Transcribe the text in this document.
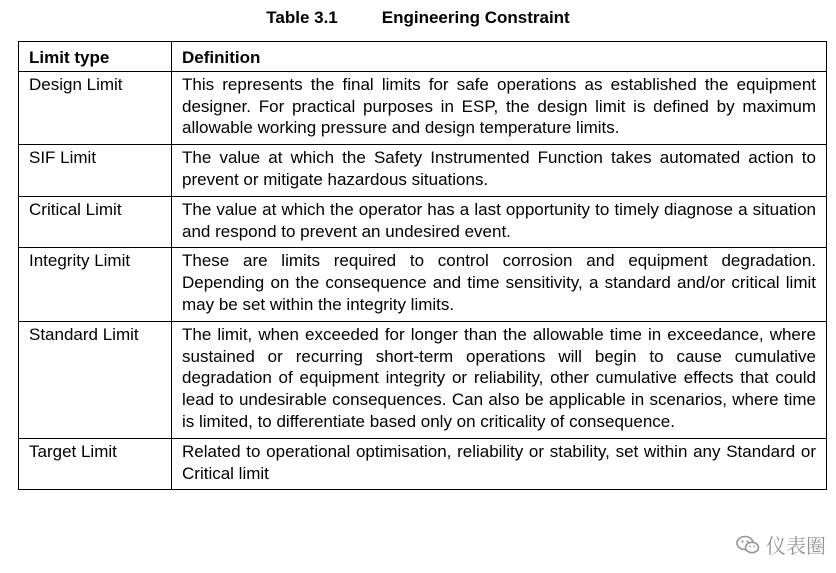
Table 3.1	Engineering Constraint
Limit type	Definition
Design Limit	This represents the final limits for safe operations as established the equipment designer. For practical purposes in ESP, the design limit is defined by maximum allowable working pressure and design temperature limits.
SIF Limit	The value at which the Safety Instrumented Function takes automated action to prevent or mitigate hazardous situations.
Critical Limit	The value at which the operator has a last opportunity to timely diagnose a situation and respond to prevent an undesired event.
Integrity Limit	These are limits required to control corrosion and equipment degradation. Depending on the consequence and time sensitivity, a standard and/or critical limit may be set within the integrity limits.
Standard Limit	The limit, when exceeded for longer than the allowable time in exceedance, where sustained or recurring short-term operations will begin to cause cumulative degradation of equipment integrity or reliability, other cumulative effects that could lead to undesirable consequences. Can also be applicable in scenarios, where time is limited, to differentiate based only on criticality of consequence.
Target Limit	Related to operational optimisation, reliability or stability, set within any Standard or Critical limit
仪表圈
